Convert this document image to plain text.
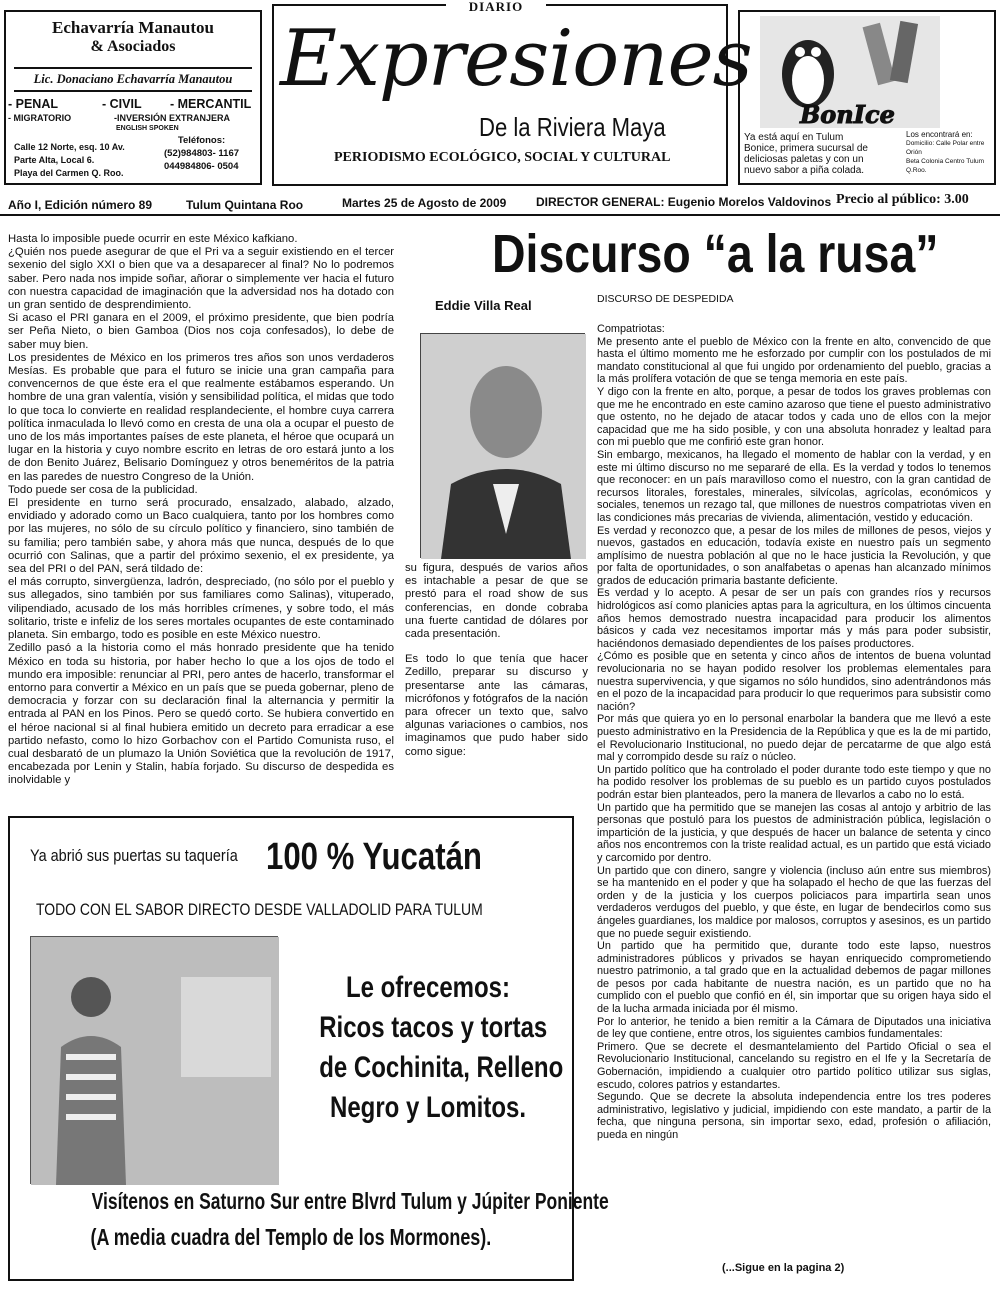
Echavarría Manautou
& Asociados
Lic. Donaciano Echavarría Manautou
- PENAL	- CIVIL - MERCANTIL
- MIGRATORIO	-INVERSIÓN EXTRANJERA
ENGLISH SPOKEN
Calle 12 Norte, esq. 10 Av.
Parte Alta, Local 6.
Playa del Carmen Q. Roo.
Teléfonos:
(52)984803- 1167
044984806- 0504
DIARIO
Expresiones
De la Riviera Maya
PERIODISMO ECOLÓGICO, SOCIAL Y CULTURAL
BonIce
Ya está aquí en Tulum
Bonice, primera sucursal de
deliciosas paletas y con un
nuevo sabor a piña colada.
Los encontrará en:
Domicilio: Calle Polar entre Orión
Beta Colonia Centro Tulum Q.Roo.
Año I, Edición número 89	Tulum Quintana Roo	Martes 25 de Agosto de 2009 DIRECTOR GENERAL: Eugenio Morelos Valdovinos Precio al público: 3.00
Discurso “a la rusa”
Eddie Villa Real

Hasta lo imposible puede ocurrir en este México kafkiano.

¿Quién nos puede asegurar de que el Pri va a seguir existiendo en el tercer sexenio del siglo XXI o bien que va a desaparecer al final? No lo podremos saber. Pero nada nos impide soñar, añorar o simplemente ver hacia el futuro con nuestra capacidad de imaginación que la adversidad nos ha dotado con un gran sentido de desprendimiento.

Si acaso el PRI ganara en el 2009, el próximo presidente, que bien podría ser Peña Nieto, o bien Gamboa (Dios nos coja confesados), lo debe de saber muy bien.

Los presidentes de México en los primeros tres años son unos verdaderos Mesías. Es probable que para el futuro se inicie una gran campaña para convencernos de que éste era el que realmente estábamos esperando. Un hombre de una gran valentía, visión y sensibilidad política, el midas que todo lo que toca lo convierte en realidad resplandeciente, el hombre cuya carrera política inmaculada lo llevó como en cresta de una ola a ocupar el puesto de uno de los más importantes países de este planeta, el héroe que ocupará un lugar en la historia y cuyo nombre escrito en letras de oro estará junto a los de don Benito Juárez, Belisario Domínguez y otros beneméritos de la patria en las paredes de nuestro Congreso de la Unión.

Todo puede ser cosa de la publicidad.

El presidente en turno será procurado, ensalzado, alabado, alzado, envidiado y adorado como un Baco cualquiera, tanto por los hombres como por las mujeres, no sólo de su círculo político y financiero, sino también de su familia; pero también sabe, y ahora más que nunca, después de lo que ocurrió con Salinas, que a partir del próximo sexenio, el ex presidente, ya sea del PRI o del PAN, será tildado de:

el más corrupto, sinvergüenza, ladrón, despreciado, (no sólo por el pueblo y sus allegados, sino también por sus familiares como Salinas), vituperado, vilipendiado, acusado de los más horribles crímenes, y sobre todo, el más solitario, triste e infeliz de los seres mortales ocupantes de este contaminado planeta. Sin embargo, todo es posible en este México nuestro.

Zedillo pasó a la historia como el más honrado presidente que ha tenido México en toda su historia, por haber hecho lo que a los ojos de todo el mundo era imposible: renunciar al PRI, pero antes de hacerlo, transformar el entorno para convertir a México en un país que se pueda gobernar, pleno de democracia y forzar con su declaración final la alternancia y permitir la entrada al PAN en los Pinos. Pero se quedó corto. Se hubiera convertido en el héroe nacional si al final hubiera emitido un decreto para erradicar a ese partido nefasto, como lo hizo Gorbachov con el Partido Comunista ruso, el cual desbarató de un plumazo la Unión Soviética que la revolución de 1917, encabezada por Lenin y Stalin, había forjado. Su discurso de despedida es inolvidable y

su figura, después de varios años es intachable a pesar de que se prestó para el road show de sus conferencias, en donde cobraba una fuerte cantidad de dólares por cada presentación.

Es todo lo que tenía que hacer Zedillo, preparar su discurso y presentarse ante las cámaras, micrófonos y fotógrafos de la nación para ofrecer un texto que, salvo algunas variaciones o cambios, nos imaginamos que pudo haber sido como sigue:

DISCURSO DE DESPEDIDA

Compatriotas:

Me presento ante el pueblo de México con la frente en alto, convencido de que hasta el último momento me he esforzado por cumplir con los postulados de mi mandato constitucional al que fui ungido por ordenamiento del pueblo, gracias a la más prolífera votación de que se tenga memoria en este país.

Y digo con la frente en alto, porque, a pesar de todos los graves problemas con que me he encontrado en este camino azaroso que tiene el puesto administrativo que ostento, no he dejado de atacar todos y cada uno de ellos con la mejor capacidad que me ha sido posible, y con una absoluta honradez y lealtad para con mi pueblo que me confirió este gran honor.

Sin embargo, mexicanos, ha llegado el momento de hablar con la verdad, y en este mi último discurso no me separaré de ella. Es la verdad y todos lo tenemos que reconocer: en un país maravilloso como el nuestro, con la gran cantidad de recursos litorales, forestales, minerales, silvícolas, agrícolas, económicos y sociales, tenemos un rezago tal, que millones de nuestros compatriotas viven en las condiciones más precarias de vivienda, alimentación, vestido y educación.

Es verdad y reconozco que, a pesar de los miles de millones de pesos, viejos y nuevos, gastados en educación, todavía existe en nuestro país un segmento amplísimo de nuestra población al que no le hace justicia la Revolución, y que por falta de oportunidades, o son analfabetas o apenas han alcanzado mínimos grados de educación primaria bastante deficiente.

Es verdad y lo acepto. A pesar de ser un país con grandes ríos y recursos hidrológicos así como planicies aptas para la agricultura, en los últimos cincuenta años hemos demostrado nuestra incapacidad para producir los alimentos básicos y cada vez necesitamos importar más y más para poder subsistir, haciéndonos demasiado dependientes de los países productores.

¿Cómo es posible que en setenta y cinco años de intentos de buena voluntad revolucionaria no se hayan podido resolver los problemas elementales para nuestra supervivencia, y que sigamos no sólo hundidos, sino adentrándonos más en el pozo de la incapacidad para producir lo que requerimos para subsistir como nación?

Por más que quiera yo en lo personal enarbolar la bandera que me llevó a este puesto administrativo en la Presidencia de la República y que es la de mi partido, el Revolucionario Institucional, no puedo dejar de percatarme de que algo está mal y corrompido desde su raíz o núcleo.

Un partido político que ha controlado el poder durante todo este tiempo y que no ha podido resolver los problemas de su pueblo es un partido cuyos postulados podrán estar bien planteados, pero la manera de llevarlos a cabo no lo está.

Un partido que ha permitido que se manejen las cosas al antojo y arbitrio de las personas que postuló para los puestos de administración pública, legislación o impartición de la justicia, y que después de hacer un balance de setenta y cinco años nos encontremos con la triste realidad actual, es un partido que está viciado y carcomido por dentro.

Un partido que con dinero, sangre y violencia (incluso aún entre sus miembros) se ha mantenido en el poder y que ha solapado el hecho de que las fuerzas del orden y de la justicia y los cuerpos policiacos para impartirla sean unos verdaderos verdugos del pueblo, y que éste, en lugar de bendecirlos como sus ángeles guardianes, los maldice por malosos, corruptos y asesinos, es un partido que no puede seguir existiendo.

Un partido que ha permitido que, durante todo este lapso, nuestros administradores públicos y privados se hayan enriquecido comprometiendo nuestro patrimonio, a tal grado que en la actualidad debemos de pagar millones de pesos por cada habitante de nuestra nación, es un partido que no ha cumplido con el pueblo que confió en él, sin importar que su origen haya sido el de la lucha armada iniciada por él mismo.

Por lo anterior, he tenido a bien remitir a la Cámara de Diputados una iniciativa de ley que contiene, entre otros, los siguientes cambios fundamentales:

Primero. Que se decrete el desmantelamiento del Partido Oficial o sea el Revolucionario Institucional, cancelando su registro en el Ife y la Secretaría de Gobernación, impidiendo a cualquier otro partido político utilizar sus siglas, escudo, colores patrios y estandartes.

Segundo. Que se decrete la absoluta independencia entre los tres poderes administrativo, legislativo y judicial, impidiendo con este mandato, a partir de la fecha, que ninguna persona, sin importar sexo, edad, profesión o afiliación, pueda en ningún

(...Sigue en la pagina 2)
Ya abrió sus puertas su taquería 100 % Yucatán
TODO CON EL SABOR DIRECTO DESDE VALLADOLID PARA TULUM
Le ofrecemos:
Ricos tacos y tortas
de Cochinita, Relleno
Negro y Lomitos.
Visítenos en Saturno Sur entre Blvrd Tulum y Júpiter Poniente
(A media cuadra del Templo de los Mormones).
